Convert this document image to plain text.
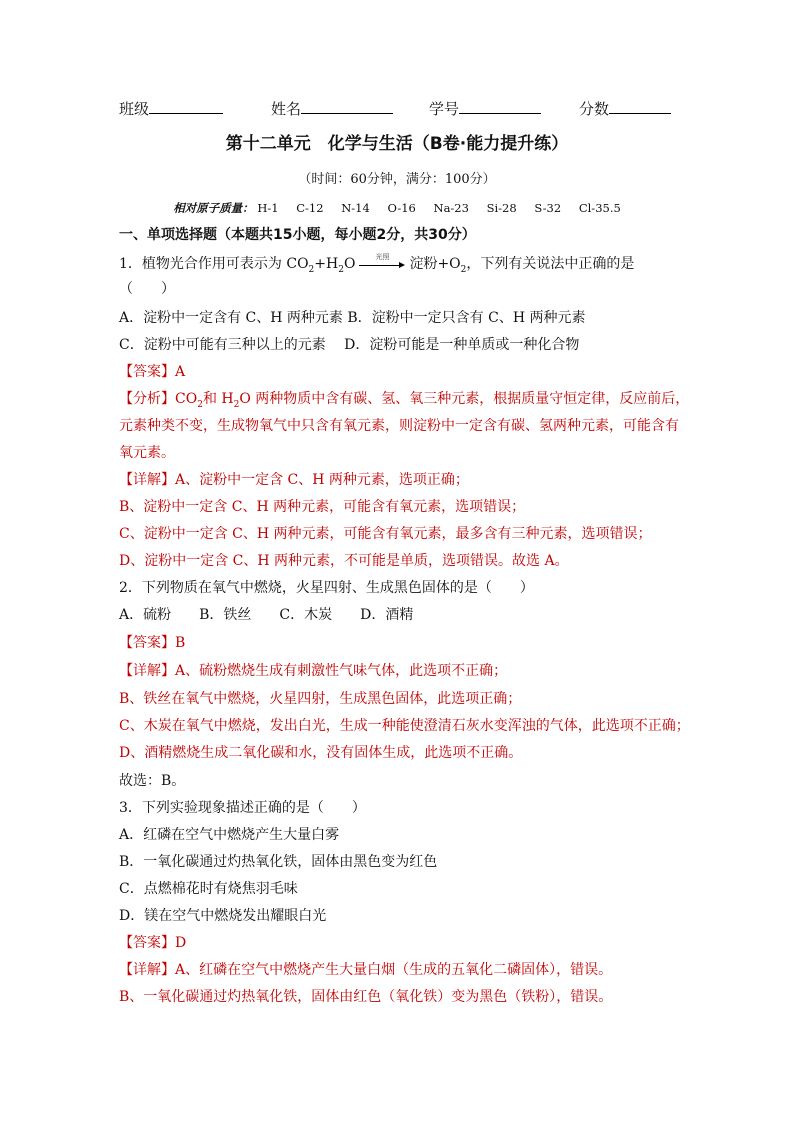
班级	姓名	学号	分数
第十二单元　化学与生活（B卷·能力提升练）
（时间：60分钟，满分：100分）
相对原子质量： H-1 C-12 N-14 O-16 Na-23 Si-28 S-32 Cl-35.5
一、单项选择题（本题共15小题，每小题2分，共30分）
1．植物光合作用可表示为 $CO_2+H_2O$	光照	淀粉$+O_2$，下列有关说法中正确的是
（　　）
A．淀粉中一定含有 C、H 两种元素 B．淀粉中一定只含有 C、H 两种元素
C．淀粉中可能有三种以上的元素　 D．淀粉可能是一种单质或一种化合物
【答案】A
【分析】$CO_2$和 $H_2O$ 两种物质中含有碳、氢、氧三种元素，根据质量守恒定律，反应前后，
元素种类不变，生成物氧气中只含有氧元素，则淀粉中一定含有碳、氢两种元素，可能含有
氧元素。
【详解】A、淀粉中一定含 C、H 两种元素，选项正确；
B、淀粉中一定含 C、H 两种元素，可能含有氧元素，选项错误；
C、淀粉中一定含 C、H 两种元素，可能含有氧元素，最多含有三种元素，选项错误；
D、淀粉中一定含 C、H 两种元素，不可能是单质，选项错误。故选 A。
2．下列物质在氧气中燃烧，火星四射、生成黑色固体的是（　　）
A．硫粉　　B．铁丝　　C．木炭　　D．酒精
【答案】B
【详解】A、硫粉燃烧生成有刺激性气味气体，此选项不正确；
B、铁丝在氧气中燃烧，火星四射，生成黑色固体，此选项正确；
C、木炭在氧气中燃烧，发出白光，生成一种能使澄清石灰水变浑浊的气体，此选项不正确；
D、酒精燃烧生成二氧化碳和水，没有固体生成，此选项不正确。
故选：B。
3．下列实验现象描述正确的是（　　）
A．红磷在空气中燃烧产生大量白雾
B．一氧化碳通过灼热氧化铁，固体由黑色变为红色
C．点燃棉花时有烧焦羽毛味
D．镁在空气中燃烧发出耀眼白光
【答案】D
【详解】A、红磷在空气中燃烧产生大量白烟（生成的五氧化二磷固体），错误。
B、一氧化碳通过灼热氧化铁，固体由红色（氧化铁）变为黑色（铁粉），错误。
